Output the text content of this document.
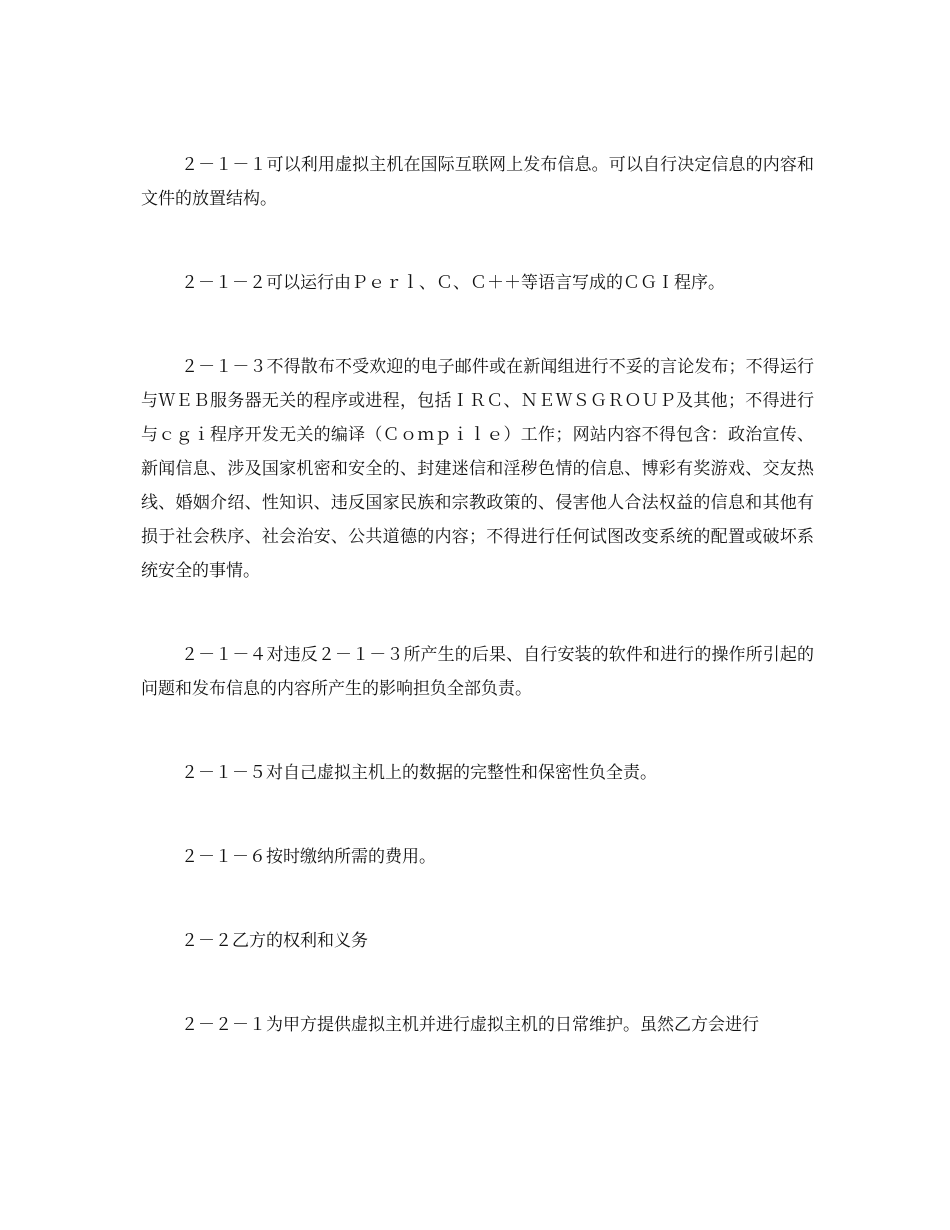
２－１－１可以利用虚拟主机在国际互联网上发布信息。可以自行决定信息的内容和文件的放置结构。

２－１－２可以运行由Ｐｅｒｌ、Ｃ、Ｃ＋＋等语言写成的ＣＧＩ程序。

２－１－３不得散布不受欢迎的电子邮件或在新闻组进行不妥的言论发布；不得运行与ＷＥＢ服务器无关的程序或进程，包括ＩＲＣ、ＮＥＷＳＧＲＯＵＰ及其他；不得进行与ｃｇｉ程序开发无关的编译（Ｃｏｍｐｉｌｅ）工作；网站内容不得包含：政治宣传、新闻信息、涉及国家机密和安全的、封建迷信和淫秽色情的信息、博彩有奖游戏、交友热线、婚姻介绍、性知识、违反国家民族和宗教政策的、侵害他人合法权益的信息和其他有损于社会秩序、社会治安、公共道德的内容；不得进行任何试图改变系统的配置或破坏系统安全的事情。

２－１－４对违反２－１－３所产生的后果、自行安装的软件和进行的操作所引起的问题和发布信息的内容所产生的影响担负全部负责。

２－１－５对自己虚拟主机上的数据的完整性和保密性负全责。

２－１－６按时缴纳所需的费用。

２－２乙方的权利和义务

２－２－１为甲方提供虚拟主机并进行虚拟主机的日常维护。虽然乙方会进行
